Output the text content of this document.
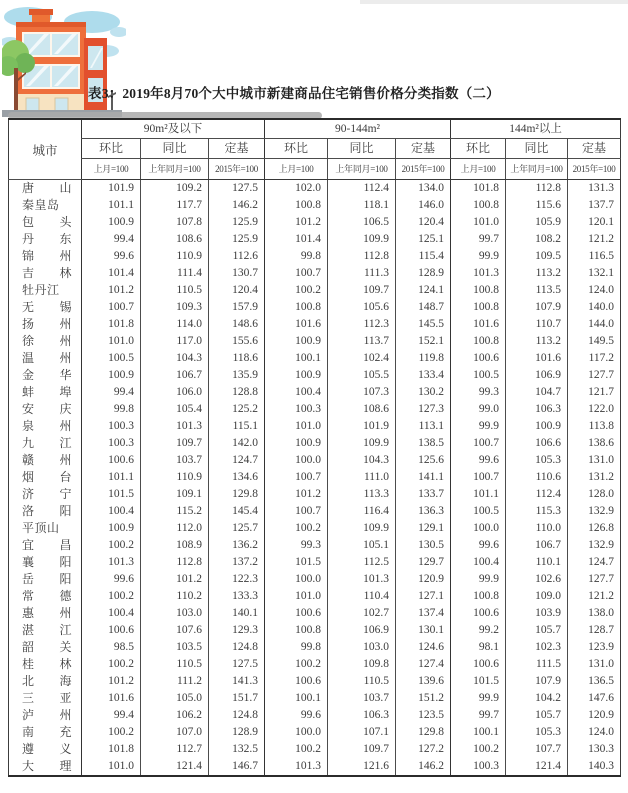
表3：2019年8月70个大中城市新建商品住宅销售价格分类指数（二）
城市	90m²及以下			90-144m²			144m²以上		
	环比	同比	定基	环比	同比	定基	环比	同比	定基
	上月=100	上年同月=100	2015年=100	上月=100	上年同月=100	2015年=100	上月=100	上年同月=100	2015年=100
唐　　山	101.9	109.2	127.5	102.0	112.4	134.0	101.8	112.8	131.3
秦皇岛	101.1	117.7	146.2	100.8	118.1	146.0	100.8	115.6	137.7
包　　头	100.9	107.8	125.9	101.2	106.5	120.4	101.0	105.9	120.1
丹　　东	99.4	108.6	125.9	101.4	109.9	125.1	99.7	108.2	121.2
锦　　州	99.6	110.9	112.6	99.8	112.8	115.4	99.9	109.5	116.5
吉　　林	101.4	111.4	130.7	100.7	111.3	128.9	101.3	113.2	132.1
牡丹江	101.2	110.5	120.4	100.2	109.7	124.1	100.8	113.5	124.0
无　　锡	100.7	109.3	157.9	100.8	105.6	148.7	100.8	107.9	140.0
扬　　州	101.8	114.0	148.6	101.6	112.3	145.5	101.6	110.7	144.0
徐　　州	101.0	117.0	155.6	100.9	113.7	152.1	100.8	113.2	149.5
温　　州	100.5	104.3	118.6	100.1	102.4	119.8	100.6	101.6	117.2
金　　华	100.9	106.7	135.9	100.9	105.5	133.4	100.5	106.9	127.7
蚌　　埠	99.4	106.0	128.8	100.4	107.3	130.2	99.3	104.7	121.7
安　　庆	99.8	105.4	125.2	100.3	108.6	127.3	99.0	106.3	122.0
泉　　州	100.3	101.3	115.1	101.0	101.9	113.1	99.9	100.9	113.8
九　　江	100.3	109.7	142.0	100.9	109.9	138.5	100.7	106.6	138.6
赣　　州	100.6	103.7	124.7	100.0	104.3	125.6	99.6	105.3	131.0
烟　　台	101.1	110.9	134.6	100.7	111.0	141.1	100.7	110.6	131.2
济　　宁	101.5	109.1	129.8	101.2	113.3	133.7	101.1	112.4	128.0
洛　　阳	100.4	115.2	145.4	100.7	116.4	136.3	100.5	115.3	132.9
平顶山	100.9	112.0	125.7	100.2	109.9	129.1	100.0	110.0	126.8
宜　　昌	100.2	108.9	136.2	99.3	105.1	130.5	99.6	106.7	132.9
襄　　阳	101.3	112.8	137.2	101.5	112.5	129.7	100.4	110.1	124.7
岳　　阳	99.6	101.2	122.3	100.0	101.3	120.9	99.9	102.6	127.7
常　　德	100.2	110.2	133.3	101.0	110.4	127.1	100.8	109.0	121.2
惠　　州	100.4	103.0	140.1	100.6	102.7	137.4	100.6	103.9	138.0
湛　　江	100.6	107.6	129.3	100.8	106.9	130.1	99.2	105.7	128.7
韶　　关	98.5	103.5	124.8	99.8	103.0	124.6	98.1	102.3	123.9
桂　　林	100.2	110.5	127.5	100.2	109.8	127.4	100.6	111.5	131.0
北　　海	101.2	111.2	141.3	100.6	110.5	139.6	101.5	107.9	136.5
三　　亚	101.6	105.0	151.7	100.1	103.7	151.2	99.9	104.2	147.6
泸　　州	99.4	106.2	124.8	99.6	106.3	123.5	99.7	105.7	120.9
南　　充	100.2	107.0	128.9	100.0	107.1	129.8	100.1	105.3	124.0
遵　　义	101.8	112.7	132.5	100.2	109.7	127.2	100.2	107.7	130.3
大　　理	101.0	121.4	146.7	101.3	121.6	146.2	100.3	121.4	140.3
